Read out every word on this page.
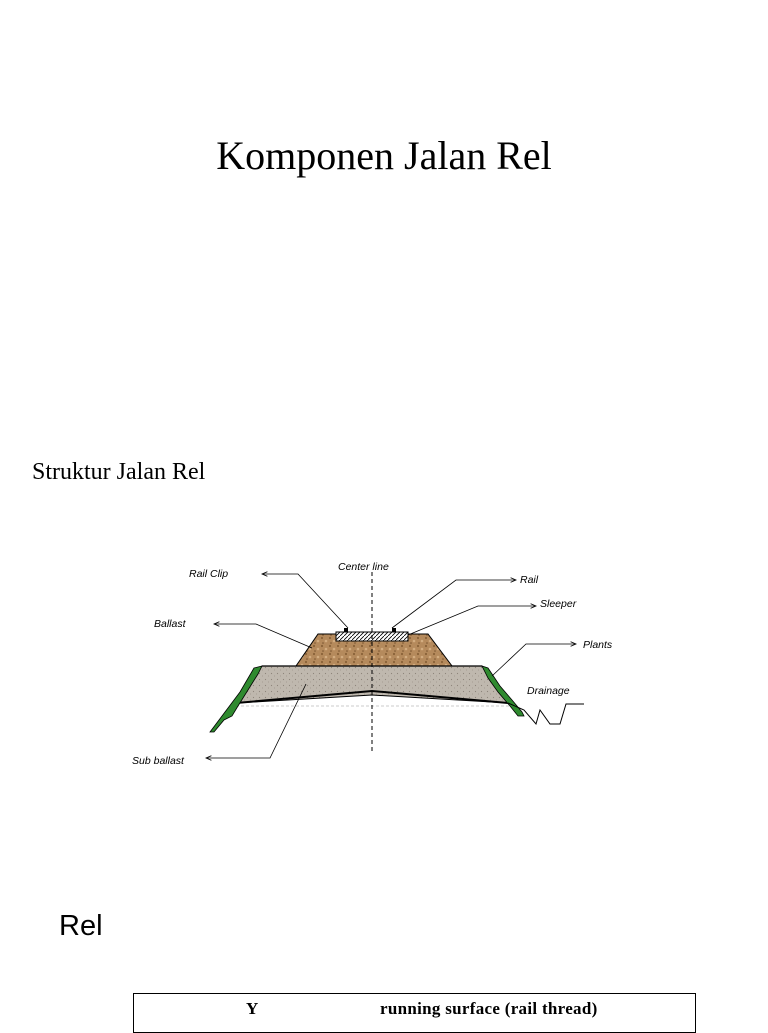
Komponen Jalan Rel
Struktur Jalan Rel
Rail Clip
Center line
Rail
Sleeper
Ballast
Plants
Drainage
Sub ballast
Rel
Y	running surface (rail thread)
